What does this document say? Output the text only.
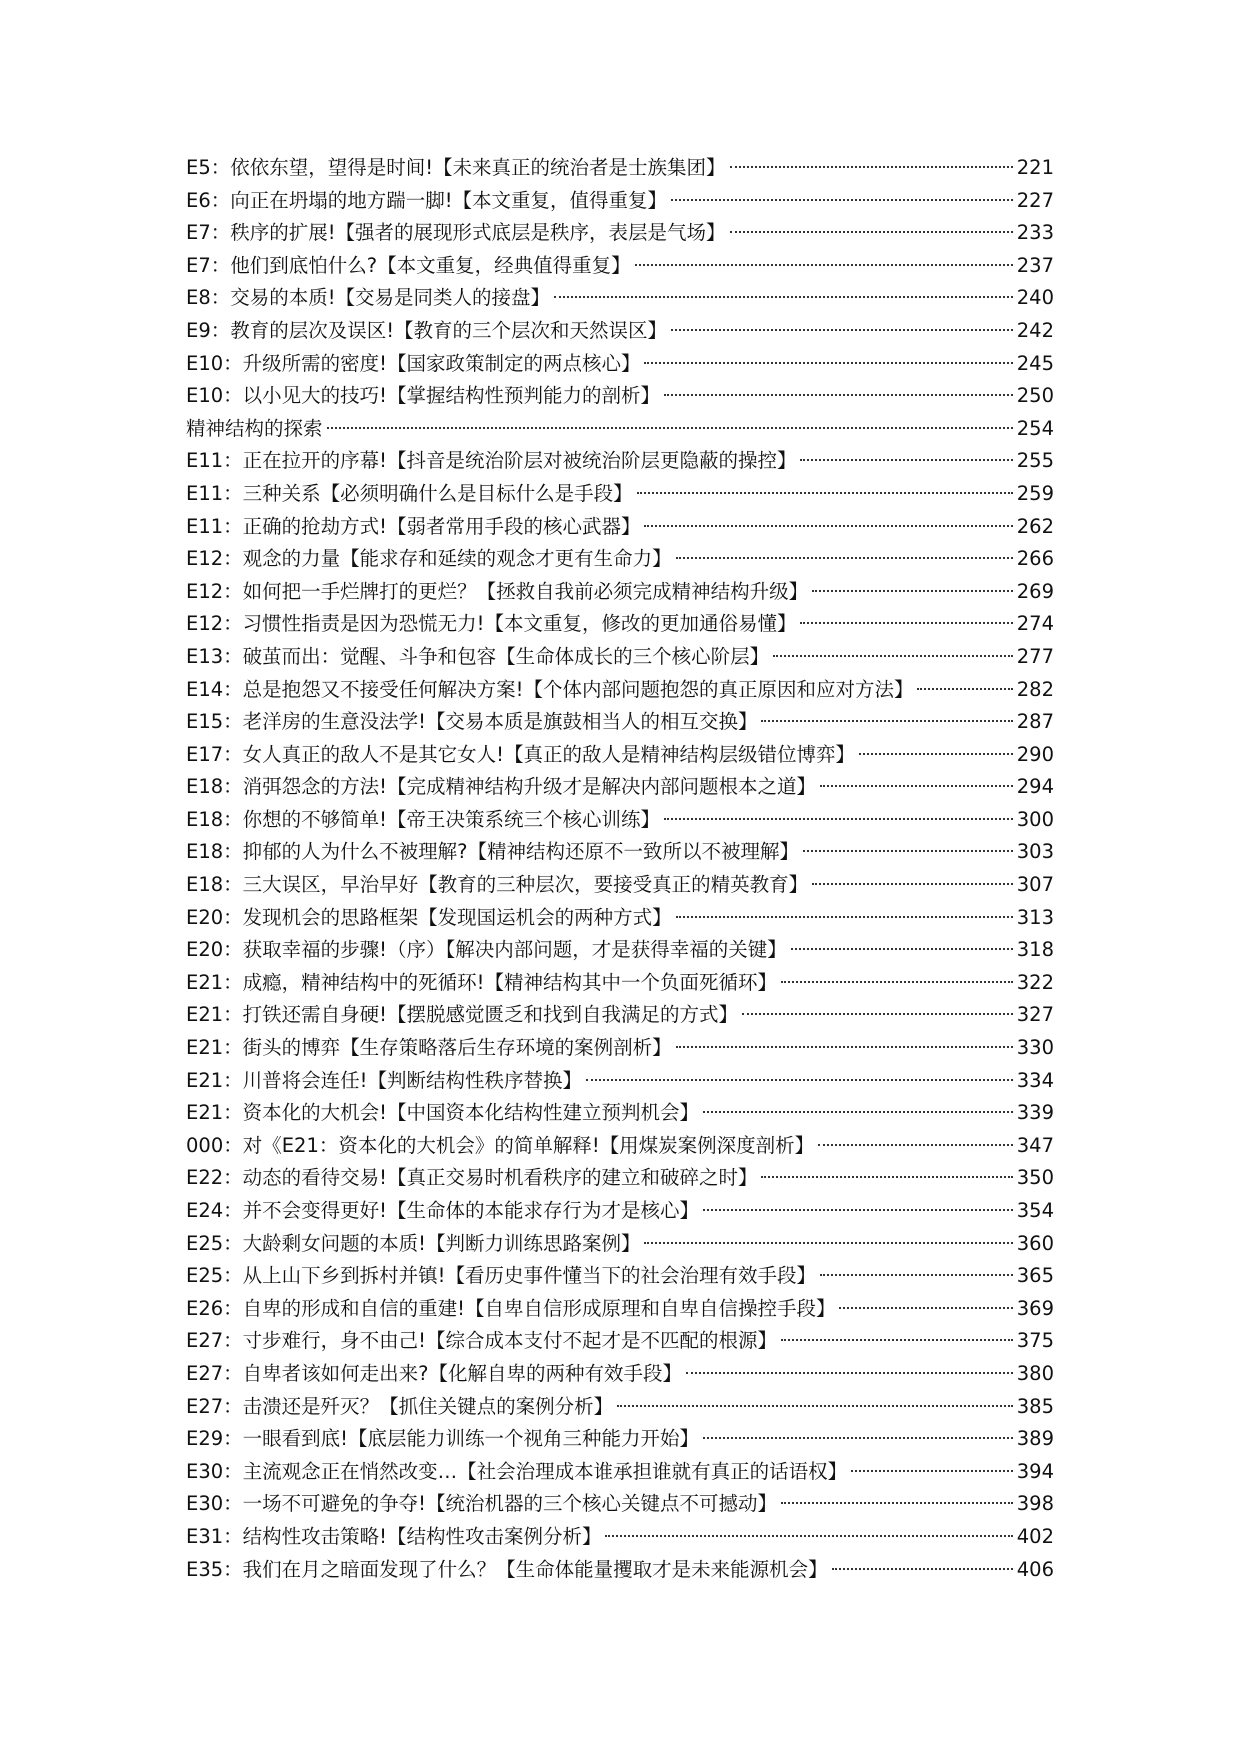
E5：依依东望，望得是时间!【未来真正的统治者是士族集团】	221
E6：向正在坍塌的地方踹一脚!【本文重复，值得重复】	227
E7：秩序的扩展!【强者的展现形式底层是秩序，表层是气场】	233
E7：他们到底怕什么?【本文重复，经典值得重复】	237
E8：交易的本质!【交易是同类人的接盘】	240
E9：教育的层次及误区!【教育的三个层次和天然误区】	242
E10：升级所需的密度!【国家政策制定的两点核心】	245
E10：以小见大的技巧!【掌握结构性预判能力的剖析】	250
精神结构的探索	254
E11：正在拉开的序幕!【抖音是统治阶层对被统治阶层更隐蔽的操控】	255
E11：三种关系【必须明确什么是目标什么是手段】	259
E11：正确的抢劫方式!【弱者常用手段的核心武器】	262
E12：观念的力量【能求存和延续的观念才更有生命力】	266
E12：如何把一手烂牌打的更烂？【拯救自我前必须完成精神结构升级】	269
E12：习惯性指责是因为恐慌无力!【本文重复，修改的更加通俗易懂】	274
E13：破茧而出：觉醒、斗争和包容【生命体成长的三个核心阶层】	277
E14：总是抱怨又不接受任何解决方案!【个体内部问题抱怨的真正原因和应对方法】	282
E15：老洋房的生意没法学!【交易本质是旗鼓相当人的相互交换】	287
E17：女人真正的敌人不是其它女人!【真正的敌人是精神结构层级错位博弈】	290
E18：消弭怨念的方法!【完成精神结构升级才是解决内部问题根本之道】	294
E18：你想的不够简单!【帝王决策系统三个核心训练】	300
E18：抑郁的人为什么不被理解?【精神结构还原不一致所以不被理解】	303
E18：三大误区，早治早好【教育的三种层次，要接受真正的精英教育】	307
E20：发现机会的思路框架【发现国运机会的两种方式】	313
E20：获取幸福的步骤!（序）【解决内部问题，才是获得幸福的关键】	318
E21：成瘾，精神结构中的死循环!【精神结构其中一个负面死循环】	322
E21：打铁还需自身硬!【摆脱感觉匮乏和找到自我满足的方式】	327
E21：街头的博弈【生存策略落后生存环境的案例剖析】	330
E21：川普将会连任!【判断结构性秩序替换】	334
E21：资本化的大机会!【中国资本化结构性建立预判机会】	339
000：对《E21：资本化的大机会》的简单解释!【用煤炭案例深度剖析】	347
E22：动态的看待交易!【真正交易时机看秩序的建立和破碎之时】	350
E24：并不会变得更好!【生命体的本能求存行为才是核心】	354
E25：大龄剩女问题的本质!【判断力训练思路案例】	360
E25：从上山下乡到拆村并镇!【看历史事件懂当下的社会治理有效手段】	365
E26：自卑的形成和自信的重建!【自卑自信形成原理和自卑自信操控手段】	369
E27：寸步难行，身不由己!【综合成本支付不起才是不匹配的根源】	375
E27：自卑者该如何走出来?【化解自卑的两种有效手段】	380
E27：击溃还是歼灭？【抓住关键点的案例分析】	385
E29：一眼看到底!【底层能力训练一个视角三种能力开始】	389
E30：主流观念正在悄然改变…【社会治理成本谁承担谁就有真正的话语权】	394
E30：一场不可避免的争夺!【统治机器的三个核心关键点不可撼动】	398
E31：结构性攻击策略!【结构性攻击案例分析】	402
E35：我们在月之暗面发现了什么？【生命体能量攫取才是未来能源机会】	406
